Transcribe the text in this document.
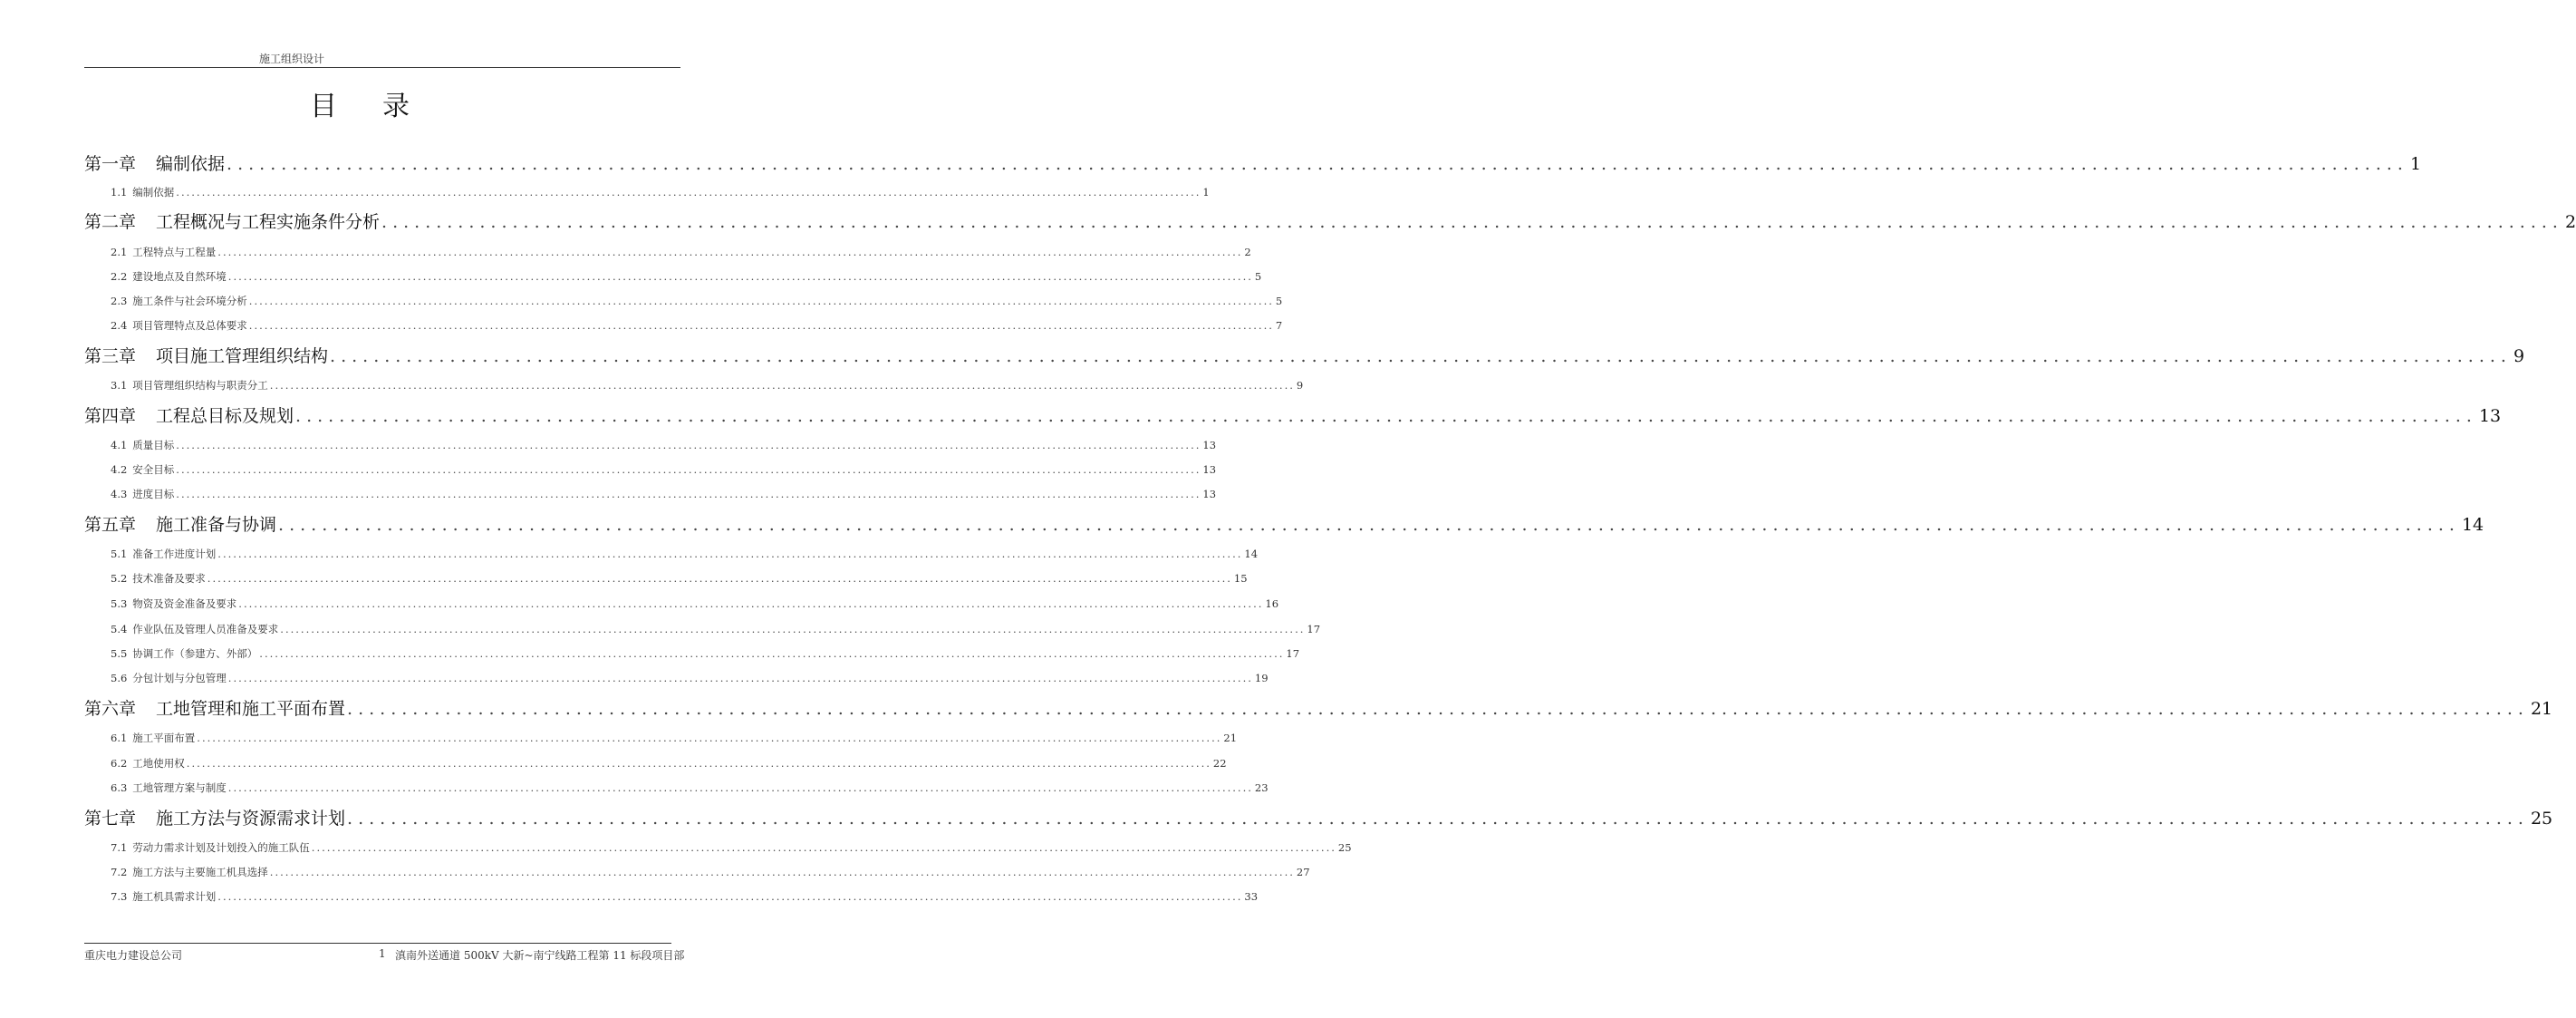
施工组织设计
目录
第一章 编制依据 ........................................................................................................................................................................................................ 1
1.1 编制依据 ........................................................................................................................................................................................................ 1
第二章 工程概况与工程实施条件分析 ........................................................................................................................................................................................................ 2
2.1 工程特点与工程量 ........................................................................................................................................................................................................ 2
2.2 建设地点及自然环境 ........................................................................................................................................................................................................ 5
2.3 施工条件与社会环境分析 ........................................................................................................................................................................................................ 5
2.4 项目管理特点及总体要求 ........................................................................................................................................................................................................ 7
第三章 项目施工管理组织结构 ........................................................................................................................................................................................................ 9
3.1 项目管理组织结构与职责分工 ........................................................................................................................................................................................................ 9
第四章 工程总目标及规划 ........................................................................................................................................................................................................ 13
4.1 质量目标 ........................................................................................................................................................................................................ 13
4.2 安全目标 ........................................................................................................................................................................................................ 13
4.3 进度目标 ........................................................................................................................................................................................................ 13
第五章 施工准备与协调 ........................................................................................................................................................................................................ 14
5.1 准备工作进度计划 ........................................................................................................................................................................................................ 14
5.2 技术准备及要求 ........................................................................................................................................................................................................ 15
5.3 物资及资金准备及要求 ........................................................................................................................................................................................................ 16
5.4 作业队伍及管理人员准备及要求 ........................................................................................................................................................................................................ 17
5.5 协调工作（参建方、外部） ........................................................................................................................................................................................................ 17
5.6 分包计划与分包管理 ........................................................................................................................................................................................................ 19
第六章 工地管理和施工平面布置 ........................................................................................................................................................................................................ 21
6.1 施工平面布置 ........................................................................................................................................................................................................ 21
6.2 工地使用权 ........................................................................................................................................................................................................ 22
6.3 工地管理方案与制度 ........................................................................................................................................................................................................ 23
第七章 施工方法与资源需求计划 ........................................................................................................................................................................................................ 25
7.1 劳动力需求计划及计划投入的施工队伍 ........................................................................................................................................................................................................ 25
7.2 施工方法与主要施工机具选择 ........................................................................................................................................................................................................ 27
7.3 施工机具需求计划 ........................................................................................................................................................................................................ 33
重庆电力建设总公司	1 滇南外送通道 500kV 大新~南宁线路工程第 11 标段项目部
